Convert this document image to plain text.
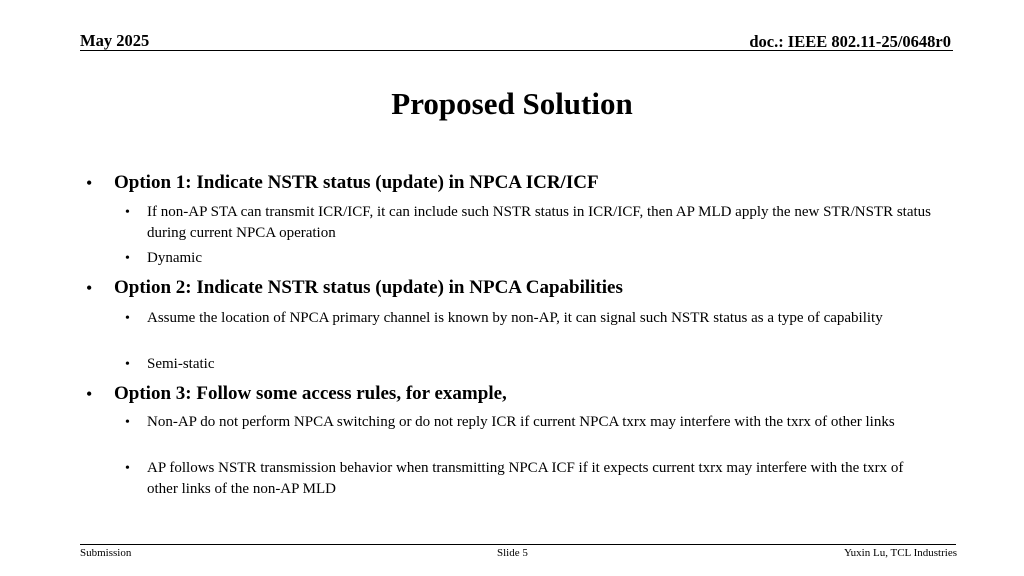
May 2025	doc.: IEEE 802.11-25/0648r0
Proposed Solution
• Option 1: Indicate NSTR status (update) in NPCA ICR/ICF
• If non-AP STA can transmit ICR/ICF, it can include such NSTR status in ICR/ICF, then AP MLD apply the new STR/NSTR status during current NPCA operation
• Dynamic
• Option 2: Indicate NSTR status (update) in NPCA Capabilities
• Assume the location of NPCA primary channel is known by non-AP, it can signal such NSTR status as a type of capability
• Semi-static
• Option 3: Follow some access rules, for example,
• Non-AP do not perform NPCA switching or do not reply ICR if current NPCA txrx may interfere with the txrx of other links
• AP follows NSTR transmission behavior when transmitting NPCA ICF if it expects current txrx may interfere with the txrx of other links of the non-AP MLD
Submission	Slide 5	Yuxin Lu, TCL Industries
